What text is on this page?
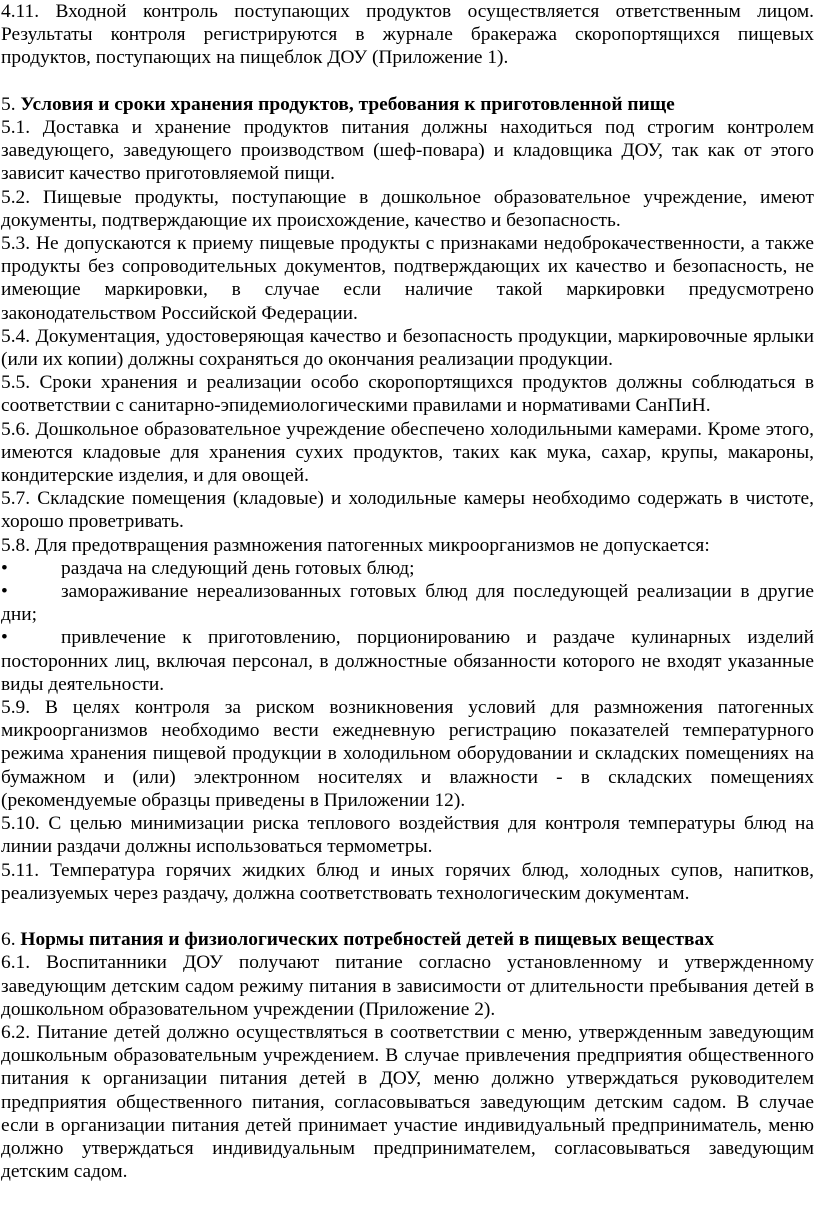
4.11. Входной контроль поступающих продуктов осуществляется ответственным лицом. Результаты контроля регистрируются в журнале бракеража скоропортящихся пищевых продуктов, поступающих на пищеблок ДОУ (Приложение 1).

5. Условия и сроки хранения продуктов, требования к приготовленной пище

5.1. Доставка и хранение продуктов питания должны находиться под строгим контролем заведующего, заведующего производством (шеф-повара) и кладовщика ДОУ, так как от этого зависит качество приготовляемой пищи.

5.2. Пищевые продукты, поступающие в дошкольное образовательное учреждение, имеют документы, подтверждающие их происхождение, качество и безопасность.

5.3. Не допускаются к приему пищевые продукты с признаками недоброкачественности, а также продукты без сопроводительных документов, подтверждающих их качество и безопасность, не имеющие маркировки, в случае если наличие такой маркировки предусмотрено законодательством Российской Федерации.

5.4. Документация, удостоверяющая качество и безопасность продукции, маркировочные ярлыки (или их копии) должны сохраняться до окончания реализации продукции.

5.5. Сроки хранения и реализации особо скоропортящихся продуктов должны соблюдаться в соответствии с санитарно-эпидемиологическими правилами и нормативами СанПиН.

5.6. Дошкольное образовательное учреждение обеспечено холодильными камерами. Кроме этого, имеются кладовые для хранения сухих продуктов, таких как мука, сахар, крупы, макароны, кондитерские изделия, и для овощей.

5.7. Складские помещения (кладовые) и холодильные камеры необходимо содержать в чистоте, хорошо проветривать.

5.8. Для предотвращения размножения патогенных микроорганизмов не допускается:

•	раздача на следующий день готовых блюд;

•	замораживание нереализованных готовых блюд для последующей реализации в другие дни;

•	привлечение к приготовлению, порционированию и раздаче кулинарных изделий посторонних лиц, включая персонал, в должностные обязанности которого не входят указанные виды деятельности.

5.9. В целях контроля за риском возникновения условий для размножения патогенных микроорганизмов необходимо вести ежедневную регистрацию показателей температурного режима хранения пищевой продукции в холодильном оборудовании и складских помещениях на бумажном и (или) электронном носителях и влажности - в складских помещениях (рекомендуемые образцы приведены в Приложении 12).

5.10. С целью минимизации риска теплового воздействия для контроля температуры блюд на линии раздачи должны использоваться термометры.

5.11. Температура горячих жидких блюд и иных горячих блюд, холодных супов, напитков, реализуемых через раздачу, должна соответствовать технологическим документам.

6. Нормы питания и физиологических потребностей детей в пищевых веществах

6.1. Воспитанники ДОУ получают питание согласно установленному и утвержденному заведующим детским садом режиму питания в зависимости от длительности пребывания детей в дошкольном образовательном учреждении (Приложение 2).

6.2. Питание детей должно осуществляться в соответствии с меню, утвержденным заведующим дошкольным образовательным учреждением. В случае привлечения предприятия общественного питания к организации питания детей в ДОУ, меню должно утверждаться руководителем предприятия общественного питания, согласовываться заведующим детским садом. В случае если в организации питания детей принимает участие индивидуальный предприниматель, меню должно утверждаться индивидуальным предпринимателем, согласовываться заведующим детским садом.
